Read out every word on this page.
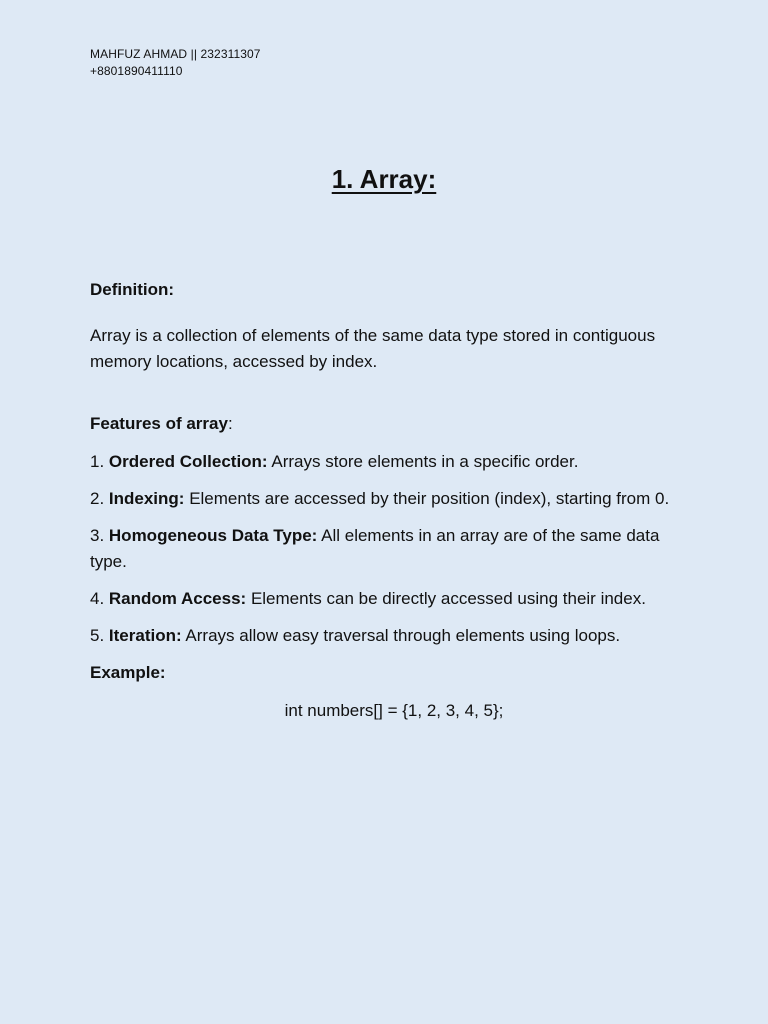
MAHFUZ AHMAD || 232311307
+8801890411110
1. Array:

Definition:

Array is a collection of elements of the same data type stored in contiguous memory locations, accessed by index.

Features of array:

1. Ordered Collection: Arrays store elements in a specific order.

2. Indexing: Elements are accessed by their position (index), starting from 0.

3. Homogeneous Data Type: All elements in an array are of the same data type.

4. Random Access: Elements can be directly accessed using their index.

5. Iteration: Arrays allow easy traversal through elements using loops.

Example:

int numbers[] = {1, 2, 3, 4, 5};
